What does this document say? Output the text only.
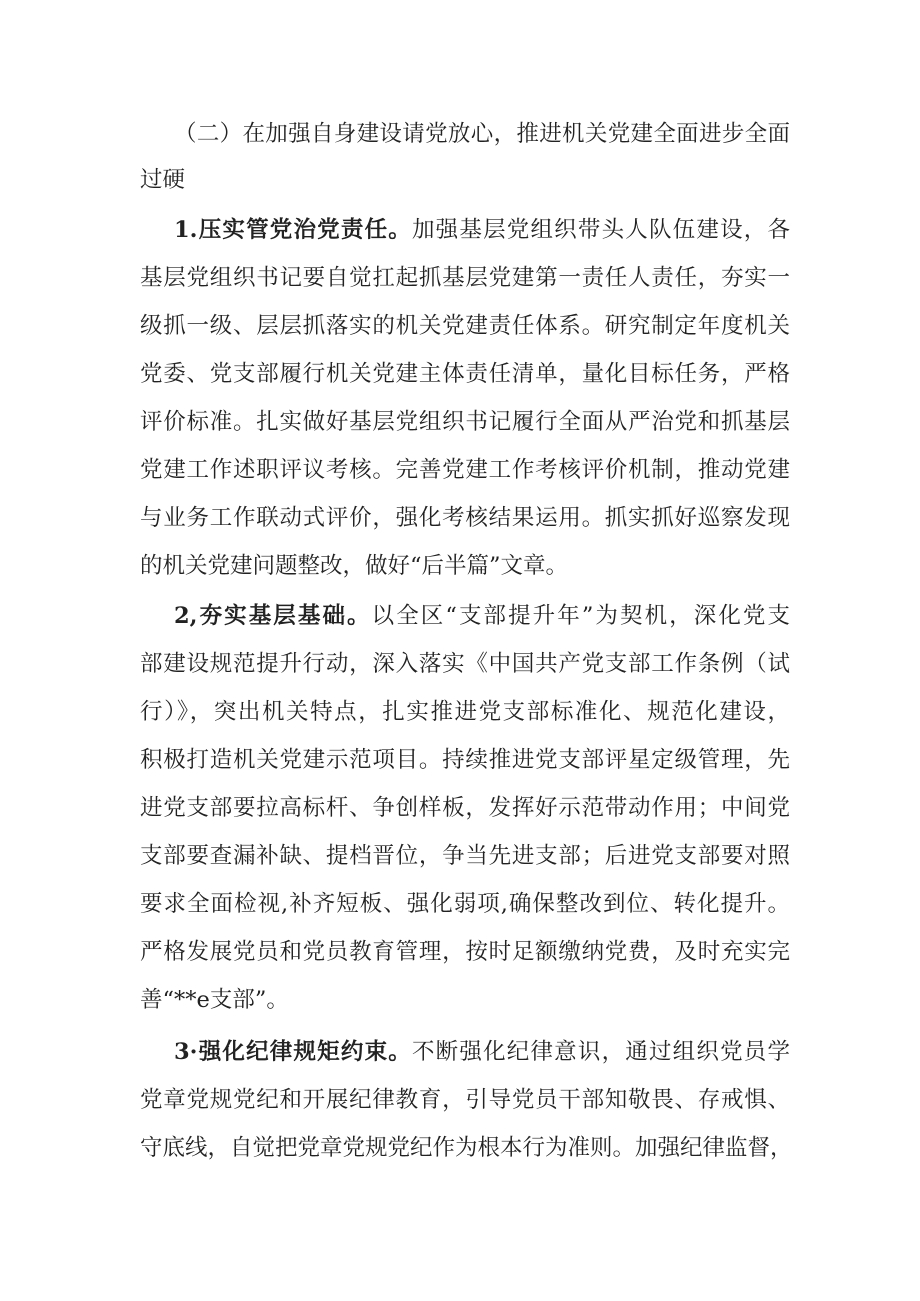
（二）在加强自身建设请党放心，推进机关党建全面进步全面
过硬
1.压实管党治党责任。加强基层党组织带头人队伍建设，各
基层党组织书记要自觉扛起抓基层党建第一责任人责任，夯实一
级抓一级、层层抓落实的机关党建责任体系。研究制定年度机关
党委、党支部履行机关党建主体责任清单，量化目标任务，严格
评价标准。扎实做好基层党组织书记履行全面从严治党和抓基层
党建工作述职评议考核。完善党建工作考核评价机制，推动党建
与业务工作联动式评价，强化考核结果运用。抓实抓好巡察发现
的机关党建问题整改，做好“后半篇”文章。
2,夯实基层基础。以全区“支部提升年”为契机，深化党支
部建设规范提升行动，深入落实《中国共产党支部工作条例（试
行）》，突出机关特点，扎实推进党支部标准化、规范化建设，
积极打造机关党建示范项目。持续推进党支部评星定级管理，先
进党支部要拉高标杆、争创样板，发挥好示范带动作用；中间党
支部要查漏补缺、提档晋位，争当先进支部；后进党支部要对照
要求全面检视,补齐短板、强化弱项,确保整改到位、转化提升。
严格发展党员和党员教育管理，按时足额缴纳党费，及时充实完
善“**e支部”。
3·强化纪律规矩约束。不断强化纪律意识，通过组织党员学
党章党规党纪和开展纪律教育，引导党员干部知敬畏、存戒惧、
守底线，自觉把党章党规党纪作为根本行为准则。加强纪律监督，
